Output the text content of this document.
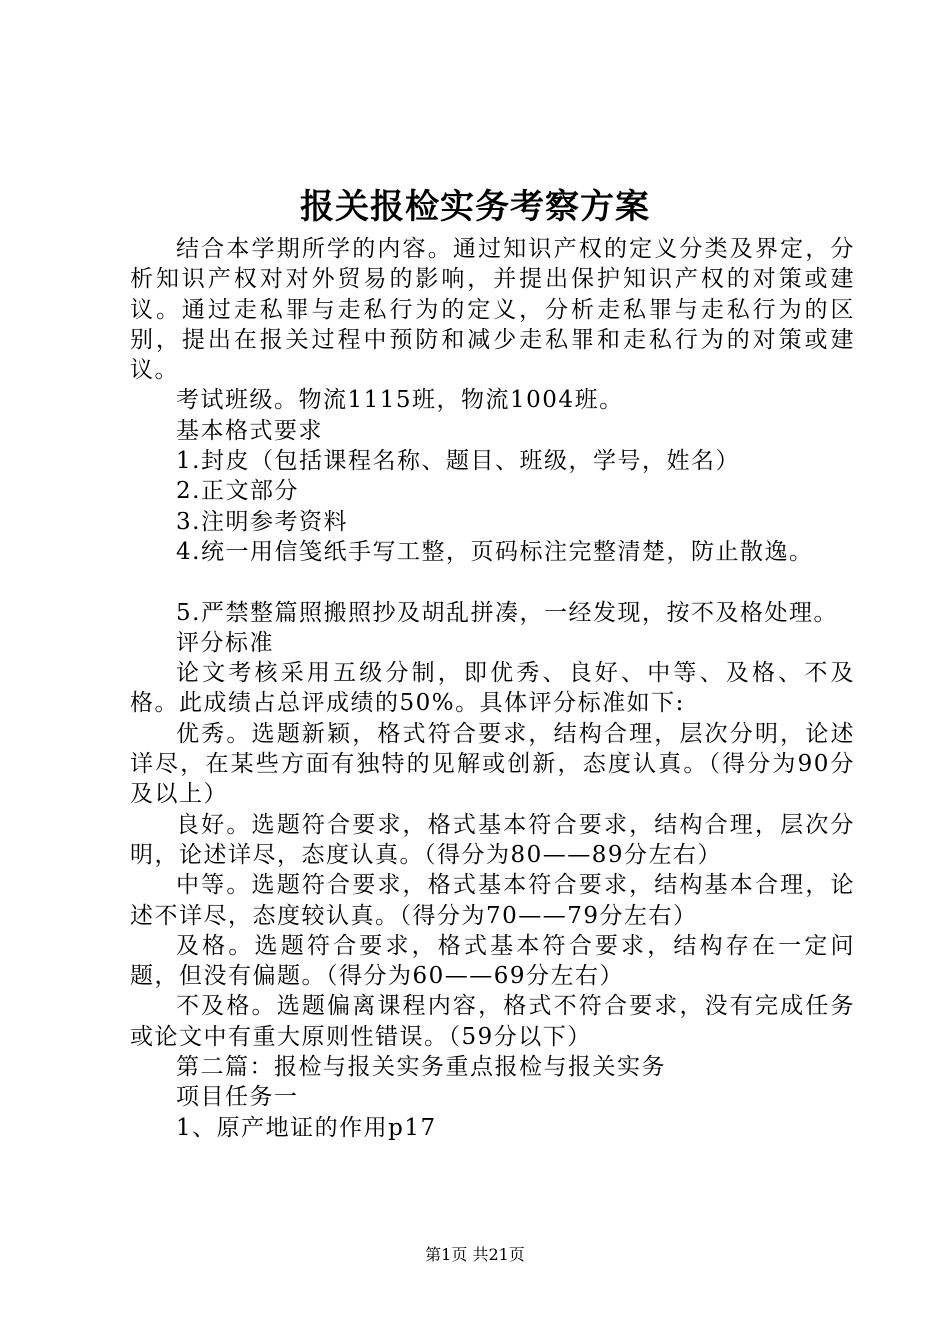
报关报检实务考察方案

结合本学期所学的内容。通过知识产权的定义分类及界定，分析知识产权对对外贸易的影响，并提出保护知识产权的对策或建议。通过走私罪与走私行为的定义，分析走私罪与走私行为的区别，提出在报关过程中预防和减少走私罪和走私行为的对策或建议。

考试班级。物流1115班，物流1004班。

基本格式要求

1.封皮（包括课程名称、题目、班级，学号，姓名）

2.正文部分

3.注明参考资料

4.统一用信笺纸手写工整，页码标注完整清楚，防止散逸。

5.严禁整篇照搬照抄及胡乱拼凑，一经发现，按不及格处理。

评分标准

论文考核采用五级分制，即优秀、良好、中等、及格、不及格。此成绩占总评成绩的50%。具体评分标准如下:

优秀。选题新颖，格式符合要求，结构合理，层次分明，论述详尽，在某些方面有独特的见解或创新，态度认真。（得分为90分及以上）

良好。选题符合要求，格式基本符合要求，结构合理，层次分明，论述详尽，态度认真。（得分为80——89分左右）

中等。选题符合要求，格式基本符合要求，结构基本合理，论述不详尽，态度较认真。（得分为70——79分左右）

及格。选题符合要求，格式基本符合要求，结构存在一定问题，但没有偏题。（得分为60——69分左右）

不及格。选题偏离课程内容，格式不符合要求，没有完成任务或论文中有重大原则性错误。（59分以下）

第二篇：报检与报关实务重点报检与报关实务

项目任务一

1、原产地证的作用p17

第1页 共21页
